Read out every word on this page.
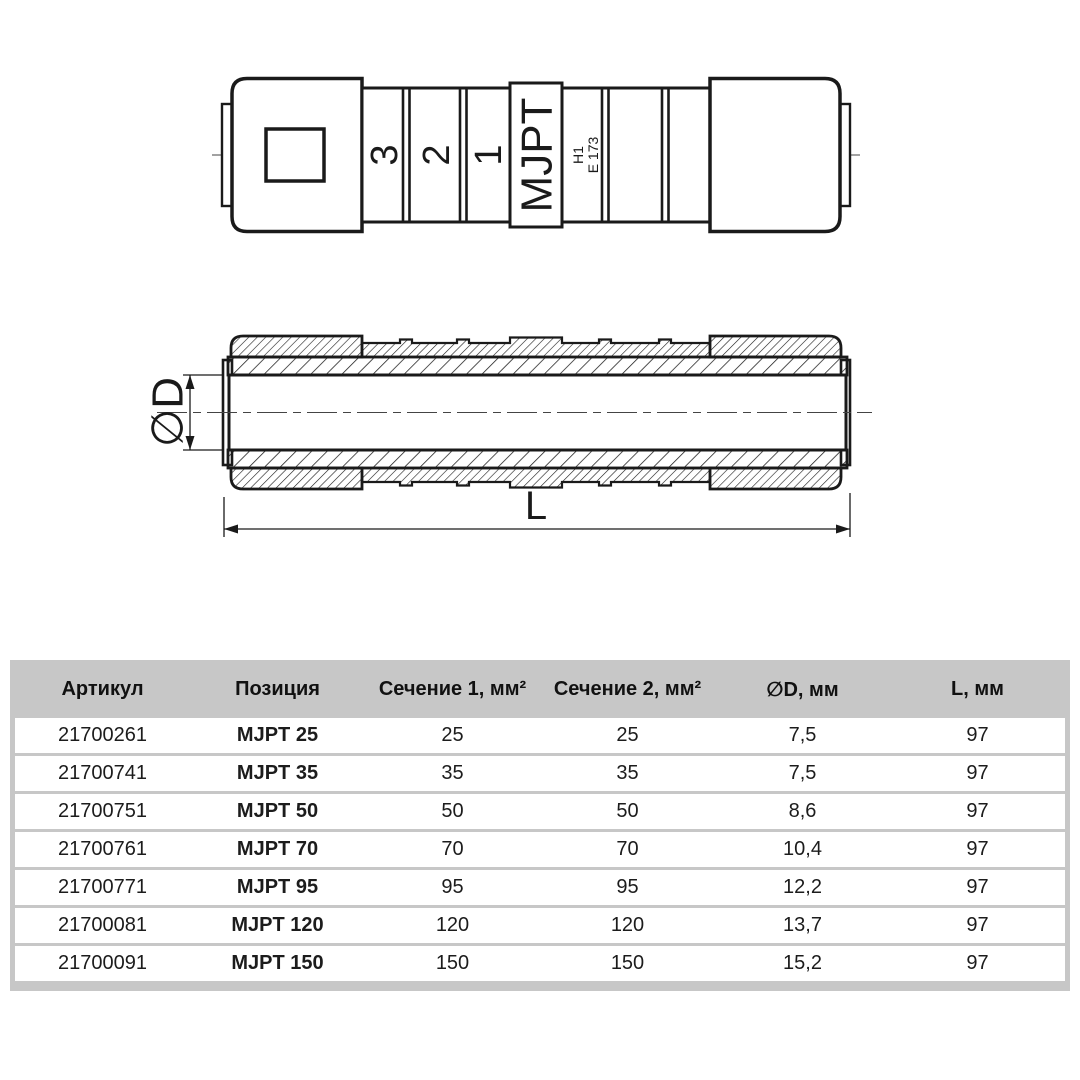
3 2 1 MJPT H1 E 173
∅D
L
Артикул	Позиция	Сечение 1, мм²	Сечение 2, мм²	∅D, мм	L, мм
21700261	MJPT 25	25	25	7,5	97
21700741	MJPT 35	35	35	7,5	97
21700751	MJPT 50	50	50	8,6	97
21700761	MJPT 70	70	70	10,4	97
21700771	MJPT 95	95	95	12,2	97
21700081	MJPT 120	120	120	13,7	97
21700091	MJPT 150	150	150	15,2	97
